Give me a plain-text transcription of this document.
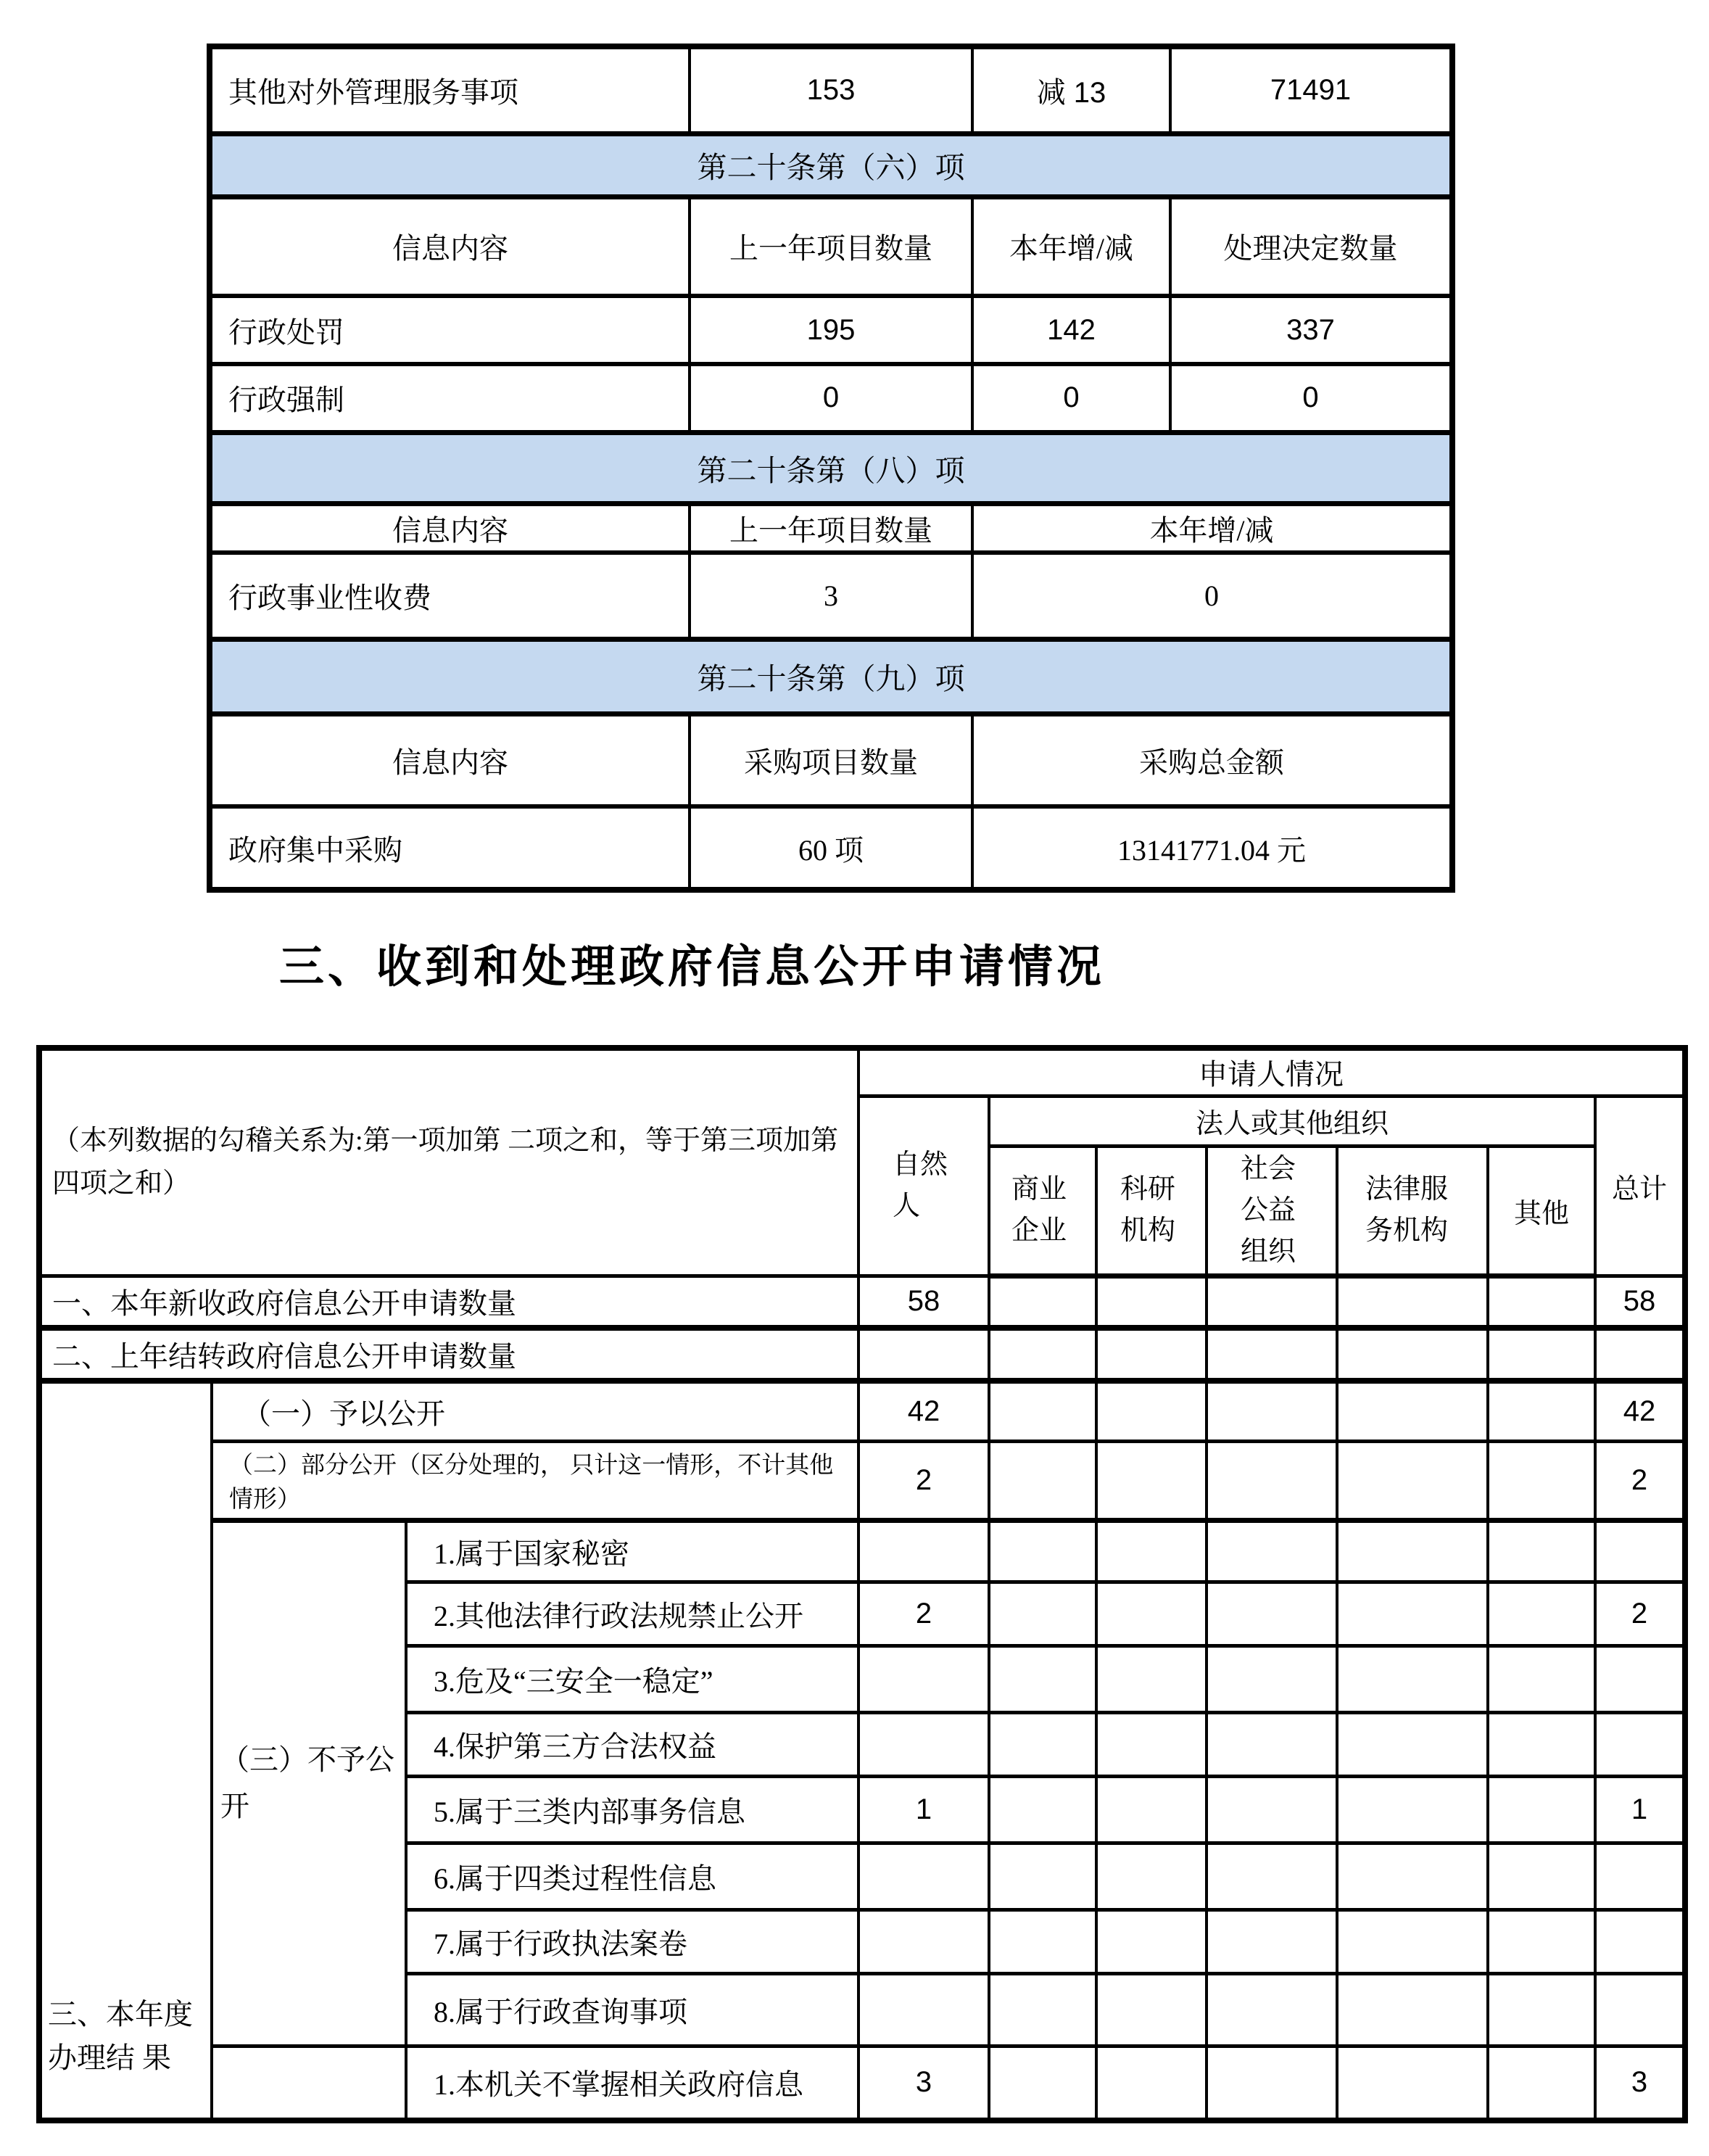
其他对外管理服务事项	153	减 13	71491
第二十条第（六）项			
信息内容	上一年项目数量	本年增/减	处理决定数量
行政处罚	195	142	337
行政强制	0	0	0
第二十条第（八）项			
信息内容	上一年项目数量	本年增/减	
行政事业性收费	3	0	
第二十条第（九）项			
信息内容	采购项目数量	采购总金额	
政府集中采购	60 项	13141771.04 元	
三、收到和处理政府信息公开申请情况
（本列数据的勾稽关系为:第一项加第 二项之和，等于第三项加第四项之和）			申请人情况						

			自然人	法人或其他组织					总计

				商业企业	科研机构	社会公益组织	法律服务机构	其他	
一、本年新收政府信息公开申请数量			58						58
二、上年结转政府信息公开申请数量									

三、本年度办理结 果	（一）予以公开		42						42
	（二）部分公开（区分处理的， 只计这一情形，不计其他情形）		2						2

	（三）不予公开	1.属于国家秘密							
		2.其他法律行政法规禁止公开	2						2
		3.危及“三安全一稳定”							
		4.保护第三方合法权益							
		5.属于三类内部事务信息	1						1
		6.属于四类过程性信息							
		7.属于行政执法案卷							
		8.属于行政查询事项							
		1.本机关不掌握相关政府信息	3						3
